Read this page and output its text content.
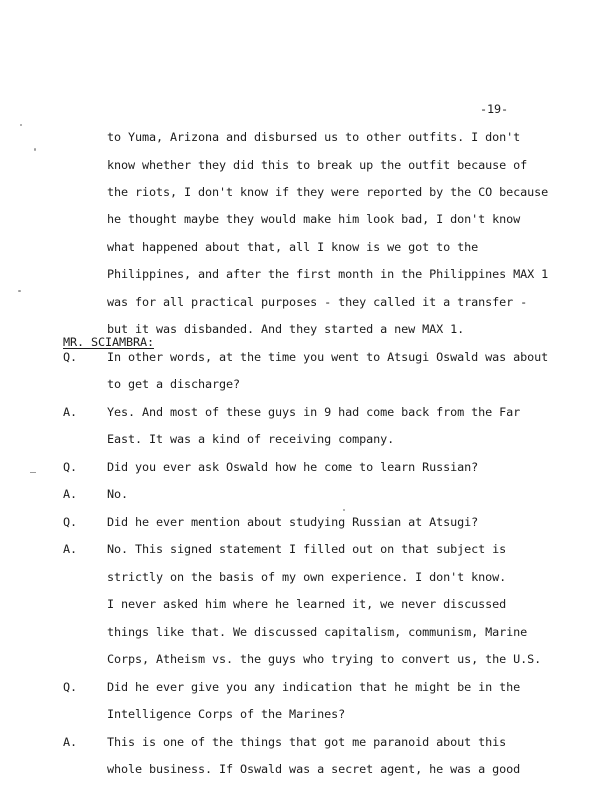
-19-
to Yuma, Arizona and disbursed us to other outfits. I don't
know whether they did this to break up the outfit because of
the riots, I don't know if they were reported by the CO because
he thought maybe they would make him look bad, I don't know
what happened about that, all I know is we got to the
Philippines, and after the first month in the Philippines MAX 1
was for all practical purposes - they called it a transfer -
but it was disbanded. And they started a new MAX 1.
MR. SCIAMBRA:
Q.	In other words, at the time you went to Atsugi Oswald was about
to get a discharge?
A.	Yes. And most of these guys in 9 had come back from the Far
East. It was a kind of receiving company.
Q.	Did you ever ask Oswald how he come to learn Russian?
A.	No.
Q.	Did he ever mention about studying Russian at Atsugi?
A.	No. This signed statement I filled out on that subject is
strictly on the basis of my own experience. I don't know.
I never asked him where he learned it, we never discussed
things like that. We discussed capitalism, communism, Marine
Corps, Atheism vs. the guys who trying to convert us, the U.S.
Q.	Did he ever give you any indication that he might be in the
Intelligence Corps of the Marines?
A.	This is one of the things that got me paranoid about this
whole business. If Oswald was a secret agent, he was a good
